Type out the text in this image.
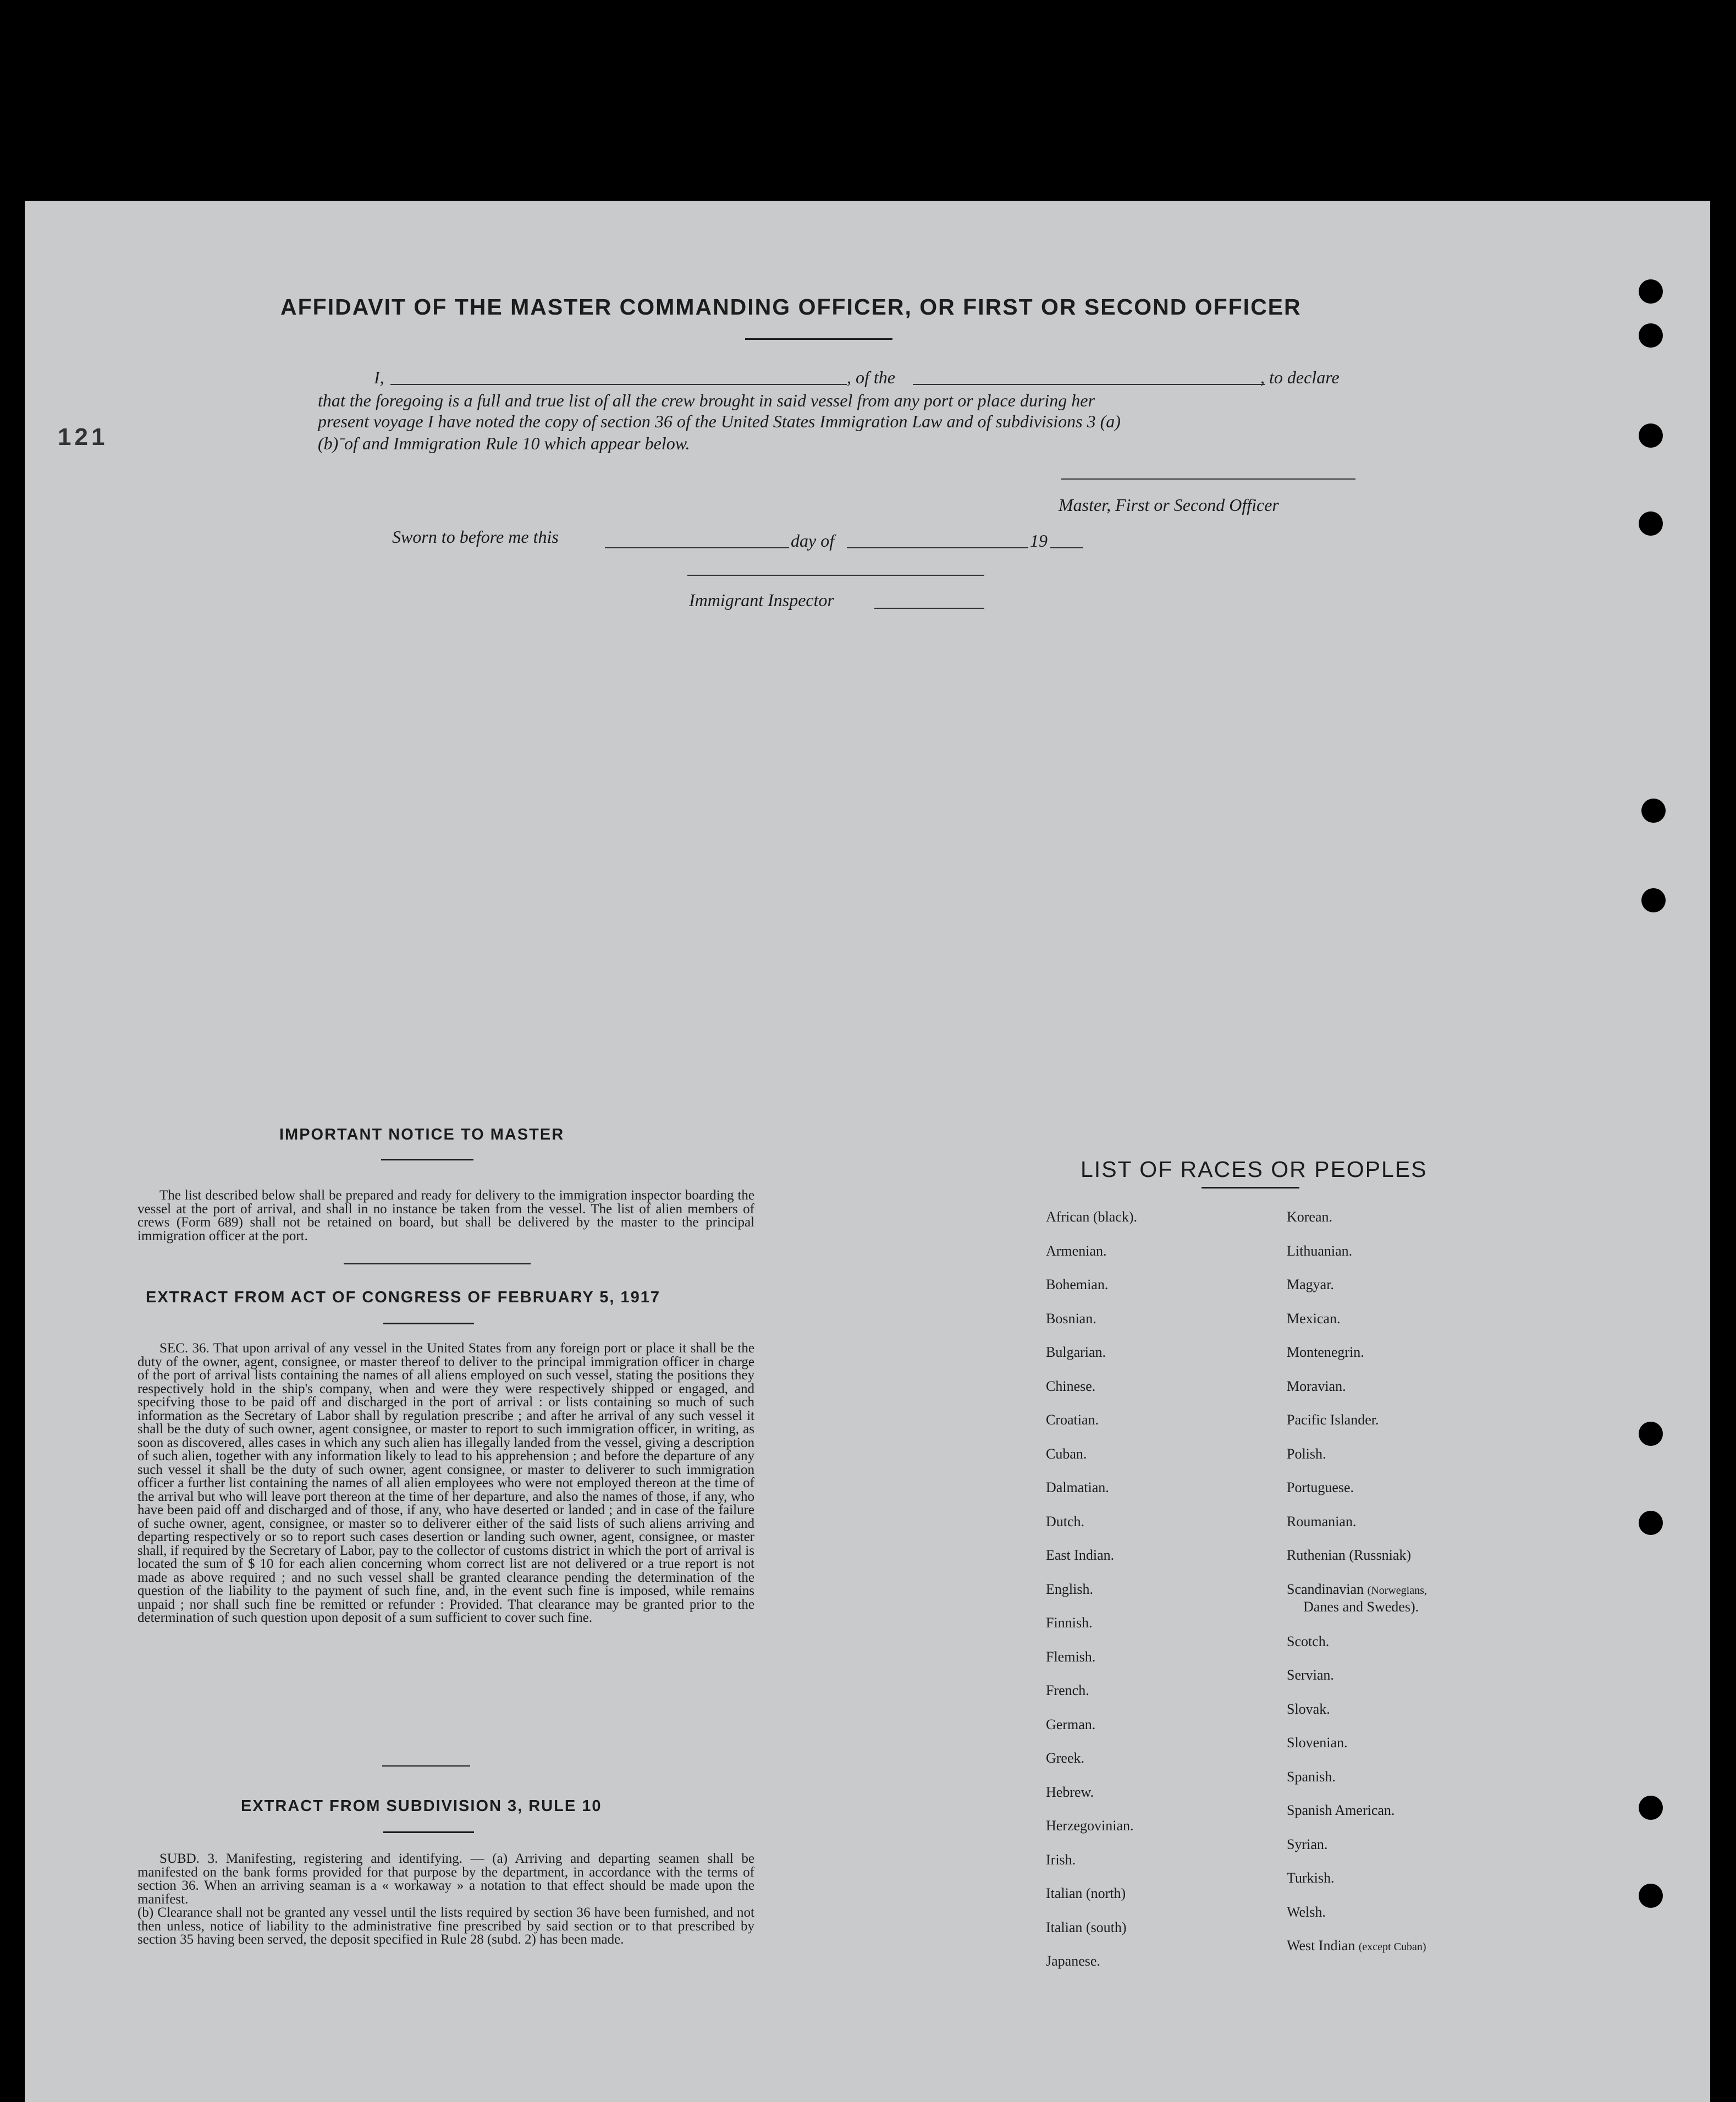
121
AFFIDAVIT OF THE MASTER COMMANDING OFFICER, OR FIRST OR SECOND OFFICER
I,	, of the	, to declare
that the foregoing is a full and true list of all the crew brought in said vessel from any port or place during her
present voyage I have noted the copy of section 36 of the United States Immigration Law and of subdivisions 3 (a)
(b)ˉof and Immigration Rule 10 which appear below.
Master, First or Second Officer
Sworn to before me this	day of	19
Immigrant Inspector
IMPORTANT NOTICE TO MASTER

The list described below shall be prepared and ready for delivery to the immigration inspector boarding the vessel at the port of arrival, and shall in no instance be taken from the vessel. The list of alien members of crews (Form 689) shall not be retained on board, but shall be delivered by the master to the principal immigration officer at the port.

EXTRACT FROM ACT OF CONGRESS OF FEBRUARY 5, 1917

SEC. 36. That upon arrival of any vessel in the United States from any foreign port or place it shall be the duty of the owner, agent, consignee, or master thereof to deliver to the principal immigration officer in charge of the port of arrival lists containing the names of all aliens employed on such vessel, stating the positions they respectively hold in the ship's company, when and were they were respectively shipped or engaged, and specifving those to be paid off and discharged in the port of arrival : or lists containing so much of such information as the Secretary of Labor shall by regulation prescribe ; and after he arrival of any such vessel it shall be the duty of such owner, agent consignee, or master to report to such immigration officer, in writing, as soon as discovered, alles cases in which any such alien has illegally landed from the vessel, giving a description of such alien, together with any information likely to lead to his apprehension ; and before the departure of any such vessel it shall be the duty of such owner, agent consignee, or master to deliverer to such immigration officer a further list containing the names of all alien employees who were not employed thereon at the time of the arrival but who will leave port thereon at the time of her departure, and also the names of those, if any, who have been paid off and discharged and of those, if any, who have deserted or landed ; and in case of the failure of suche owner, agent, consignee, or master so to deliverer either of the said lists of such aliens arriving and departing respectively or so to report such cases desertion or landing such owner, agent, consignee, or master shall, if required by the Secretary of Labor, pay to the collector of customs district in which the port of arrival is located the sum of $ 10 for each alien concerning whom correct list are not delivered or a true report is not made as above required ; and no such vessel shall be granted clearance pending the determination of the question of the liability to the payment of such fine, and, in the event such fine is imposed, while remains unpaid ; nor shall such fine be remitted or refunder : Provided. That clearance may be granted prior to the determination of such question upon deposit of a sum sufficient to cover such fine.

EXTRACT FROM SUBDIVISION 3, RULE 10

SUBD. 3. Manifesting, registering and identifying. — (a) Arriving and departing seamen shall be manifested on the bank forms provided for that purpose by the department, in accordance with the terms of section 36. When an arriving seaman is a « workaway » a notation to that effect should be made upon the manifest.

(b) Clearance shall not be granted any vessel until the lists required by section 36 have been furnished, and not then unless, notice of liability to the administrative fine prescribed by said section or to that prescribed by section 35 having been served, the deposit specified in Rule 28 (subd. 2) has been made.

LIST OF RACES OR PEOPLES
African (black).
Armenian.
Bohemian.
Bosnian.
Bulgarian.
Chinese.
Croatian.
Cuban.
Dalmatian.
Dutch.
East Indian.
English.
Finnish.
Flemish.
French.
German.
Greek.
Hebrew.
Herzegovinian.
Irish.
Italian (north)
Italian (south)
Japanese.
Korean.
Lithuanian.
Magyar.
Mexican.
Montenegrin.
Moravian.
Pacific Islander.
Polish.
Portuguese.
Roumanian.
Ruthenian (Russniak)
Scandinavian (Norwegians,
Danes and Swedes).
Scotch.
Servian.
Slovak.
Slovenian.
Spanish.
Spanish American.
Syrian.
Turkish.
Welsh.
West Indian (except Cuban)
